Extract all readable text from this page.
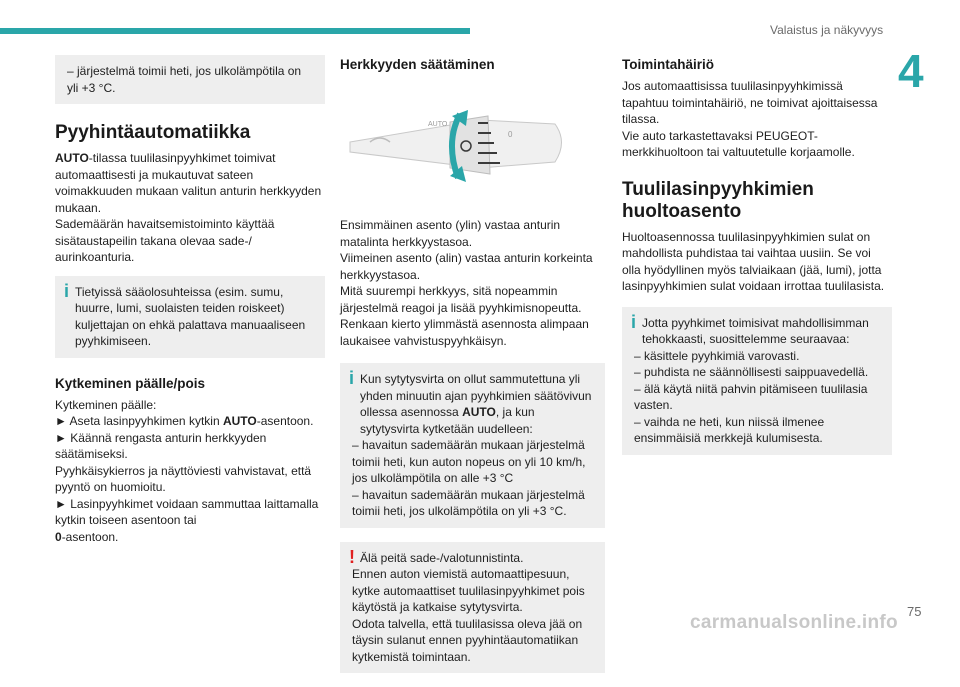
Valaistus ja näkyvyys
4

– järjestelmä toimii heti, jos ulkolämpötila on yli +3 °C.

Pyyhintäautomatiikka

AUTO-tilassa tuulilasinpyyhkimet toimivat automaattisesti ja mukautuvat sateen voimakkuuden mukaan valitun anturin herkkyyden mukaan.

Sademäärän havaitsemistoiminto käyttää sisätaustapeilin takana olevaa sade-/ aurinkoanturia.

i Tietyissä sääolosuhteissa (esim. sumu, huurre, lumi, suolaisten teiden roiskeet) kuljettajan on ehkä palattava manuaaliseen pyyhkimiseen.

Kytkeminen päälle/pois

Kytkeminen päälle:

► Aseta lasinpyyhkimen kytkin AUTO-asentoon.

► Käännä rengasta anturin herkkyyden säätämiseksi.

Pyyhkäisykierros ja näyttöviesti vahvistavat, että pyyntö on huomioitu.

► Lasinpyyhkimet voidaan sammuttaa laittamalla kytkin toiseen asentoon tai

0-asentoon.

Herkkyyden säätäminen
AUTO
0

Ensimmäinen asento (ylin) vastaa anturin matalinta herkkyystasoa.

Viimeinen asento (alin) vastaa anturin korkeinta herkkyystasoa.

Mitä suurempi herkkyys, sitä nopeammin järjestelmä reagoi ja lisää pyyhkimisnopeutta.

Renkaan kierto ylimmästä asennosta alimpaan laukaisee vahvistuspyyhkäisyn.

i Kun sytytysvirta on ollut sammutettuna yli yhden minuutin ajan pyyhkimien säätövivun ollessa asennossa AUTO, ja kun sytytysvirta kytketään uudelleen:

– havaitun sademäärän mukaan järjestelmä toimii heti, kun auton nopeus on yli 10 km/h, jos ulkolämpötila on alle +3 °C

– havaitun sademäärän mukaan järjestelmä toimii heti, jos ulkolämpötila on yli +3 °C.

! Älä peitä sade-/valotunnistinta.

Ennen auton viemistä automaattipesuun, kytke automaattiset tuulilasinpyyhkimet pois käytöstä ja katkaise sytytysvirta.

Odota talvella, että tuulilasissa oleva jää on täysin sulanut ennen pyyhintäautomatiikan kytkemistä toimintaan.

Toimintahäiriö

Jos automaattisissa tuulilasinpyyhkimissä tapahtuu toimintahäiriö, ne toimivat ajoittaisessa tilassa.

Vie auto tarkastettavaksi PEUGEOT-merkkihuoltoon tai valtuutetulle korjaamolle.

Tuulilasinpyyhkimien huoltoasento

Huoltoasennossa tuulilasinpyyhkimien sulat on mahdollista puhdistaa tai vaihtaa uusiin. Se voi olla hyödyllinen myös talviaikaan (jää, lumi), jotta lasinpyyhkimien sulat voidaan irrottaa tuulilasista.

i Jotta pyyhkimet toimisivat mahdollisimman tehokkaasti, suosittelemme seuraavaa:

– käsittele pyyhkimiä varovasti.

– puhdista ne säännöllisesti saippuavedellä.

– älä käytä niitä pahvin pitämiseen tuulilasia vasten.

– vaihda ne heti, kun niissä ilmenee ensimmäisiä merkkejä kulumisesta.

75
carmanualsonline.info
